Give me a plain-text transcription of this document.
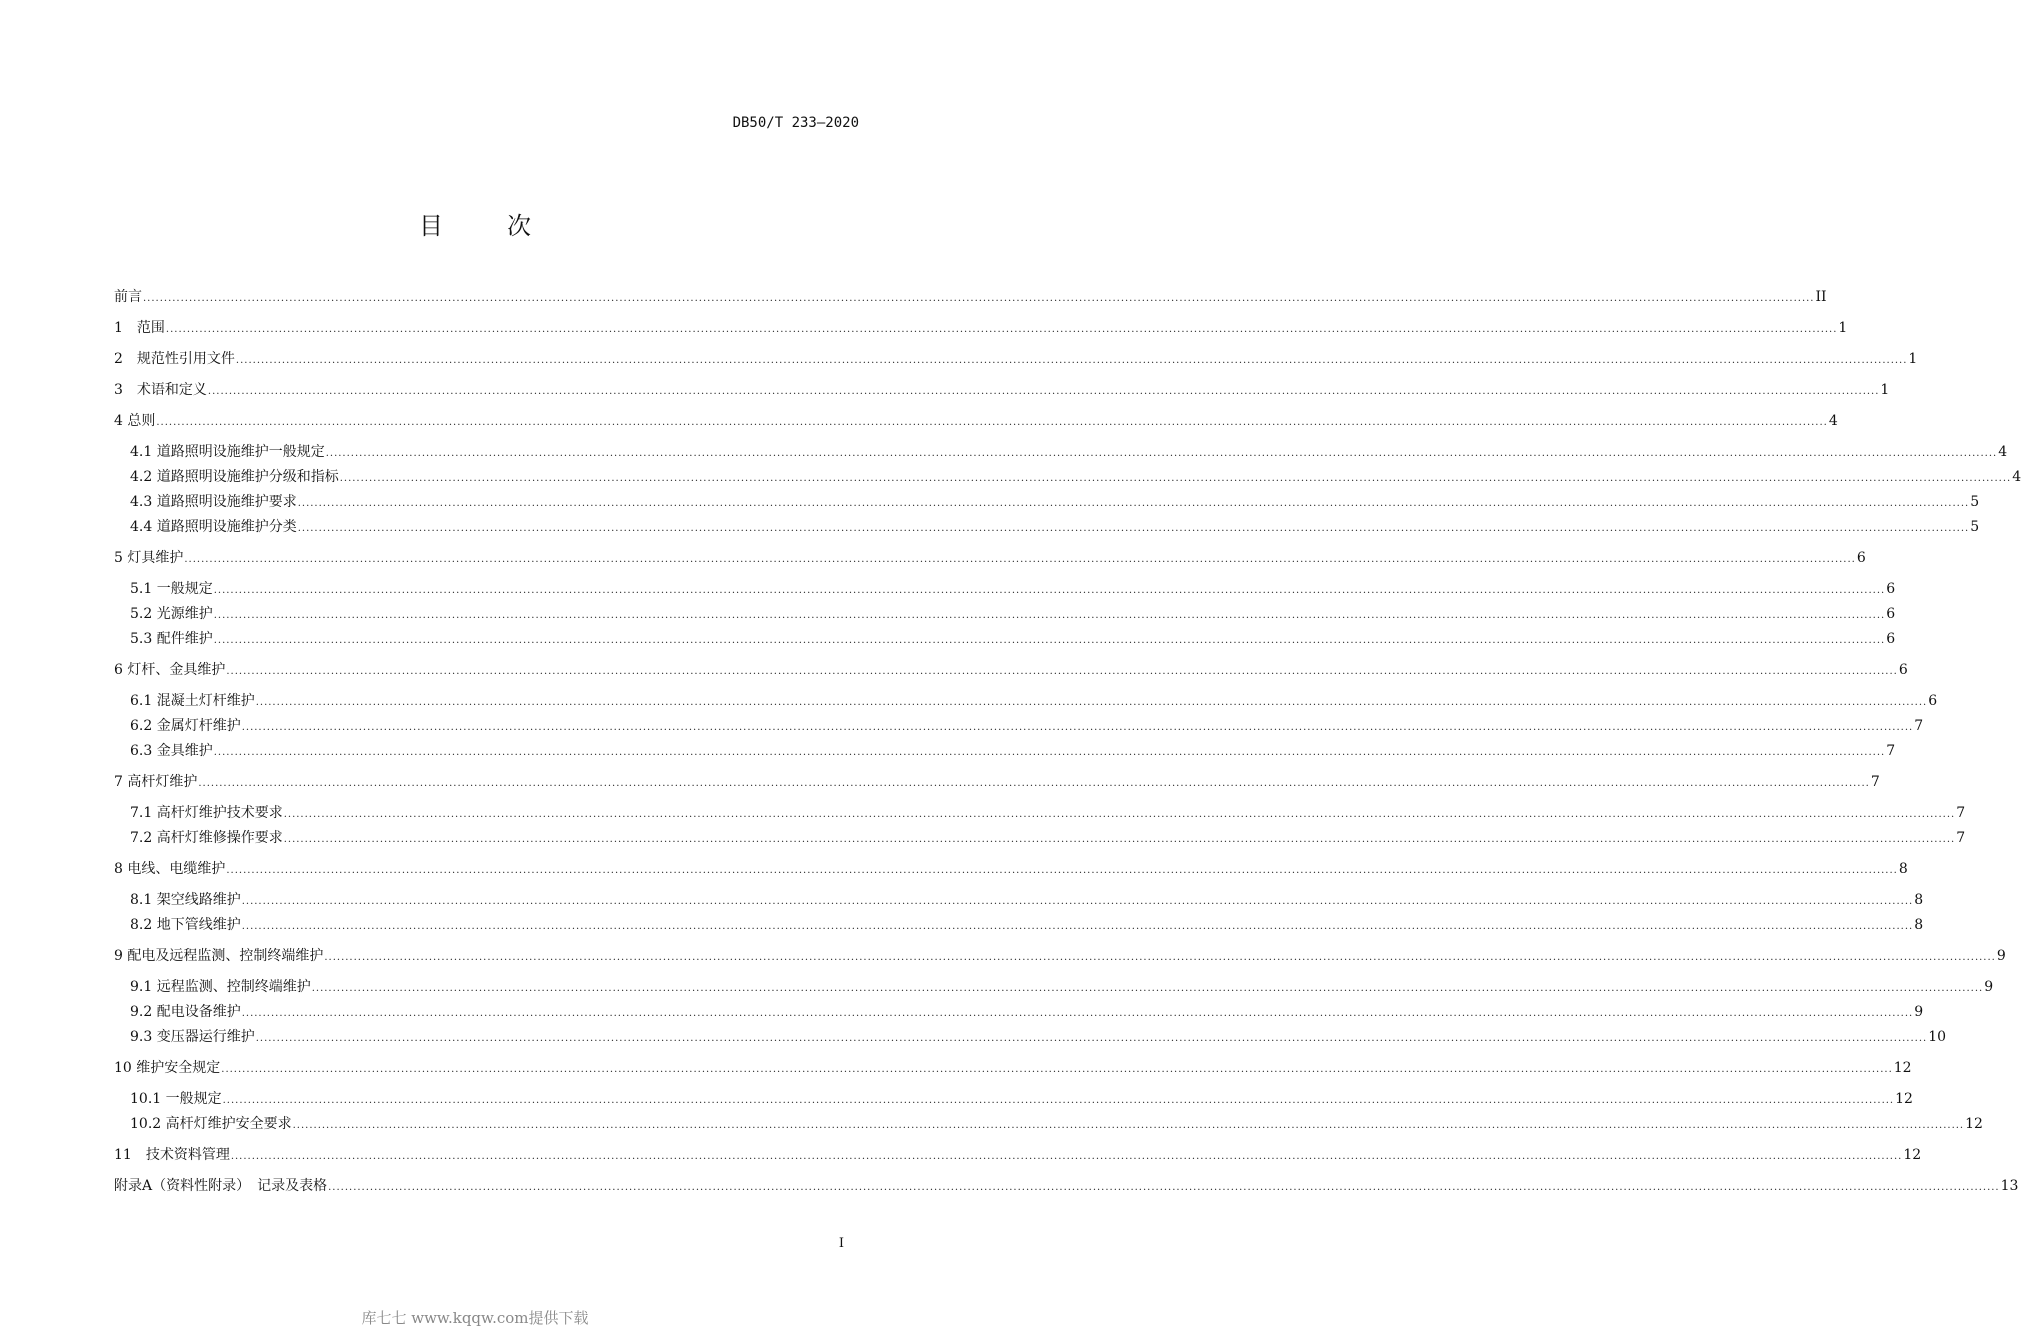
DB50/T 233—2020
目	次
前言 ................................................................................................................................................................................................................................................................................................................................................................................................................ II
1　范围 ................................................................................................................................................................................................................................................................................................................................................................................................................ 1
2　规范性引用文件 ................................................................................................................................................................................................................................................................................................................................................................................................................ 1
3　术语和定义 ................................................................................................................................................................................................................................................................................................................................................................................................................ 1
4 总则 ................................................................................................................................................................................................................................................................................................................................................................................................................ 4
4.1 道路照明设施维护一般规定 ................................................................................................................................................................................................................................................................................................................................................................................................................ 4
4.2 道路照明设施维护分级和指标 ................................................................................................................................................................................................................................................................................................................................................................................................................ 4
4.3 道路照明设施维护要求 ................................................................................................................................................................................................................................................................................................................................................................................................................ 5
4.4 道路照明设施维护分类 ................................................................................................................................................................................................................................................................................................................................................................................................................ 5
5 灯具维护 ................................................................................................................................................................................................................................................................................................................................................................................................................ 6
5.1 一般规定 ................................................................................................................................................................................................................................................................................................................................................................................................................ 6
5.2 光源维护 ................................................................................................................................................................................................................................................................................................................................................................................................................ 6
5.3 配件维护 ................................................................................................................................................................................................................................................................................................................................................................................................................ 6
6 灯杆、金具维护 ................................................................................................................................................................................................................................................................................................................................................................................................................ 6
6.1 混凝土灯杆维护 ................................................................................................................................................................................................................................................................................................................................................................................................................ 6
6.2 金属灯杆维护 ................................................................................................................................................................................................................................................................................................................................................................................................................ 7
6.3 金具维护 ................................................................................................................................................................................................................................................................................................................................................................................................................ 7
7 高杆灯维护 ................................................................................................................................................................................................................................................................................................................................................................................................................ 7
7.1 高杆灯维护技术要求 ................................................................................................................................................................................................................................................................................................................................................................................................................ 7
7.2 高杆灯维修操作要求 ................................................................................................................................................................................................................................................................................................................................................................................................................ 7
8 电线、电缆维护 ................................................................................................................................................................................................................................................................................................................................................................................................................ 8
8.1 架空线路维护 ................................................................................................................................................................................................................................................................................................................................................................................................................ 8
8.2 地下管线维护 ................................................................................................................................................................................................................................................................................................................................................................................................................ 8
9 配电及远程监测、控制终端维护 ................................................................................................................................................................................................................................................................................................................................................................................................................ 9
9.1 远程监测、控制终端维护 ................................................................................................................................................................................................................................................................................................................................................................................................................ 9
9.2 配电设备维护 ................................................................................................................................................................................................................................................................................................................................................................................................................ 9
9.3 变压器运行维护 ................................................................................................................................................................................................................................................................................................................................................................................................................ 10
10 维护安全规定 ................................................................................................................................................................................................................................................................................................................................................................................................................ 12
10.1 一般规定 ................................................................................................................................................................................................................................................................................................................................................................................................................ 12
10.2 高杆灯维护安全要求 ................................................................................................................................................................................................................................................................................................................................................................................................................ 12
11　技术资料管理 ................................................................................................................................................................................................................................................................................................................................................................................................................ 12
附录A（资料性附录）　记录及表格 ................................................................................................................................................................................................................................................................................................................................................................................................................ 13
I
库七七 www.kqqw.com提供下载
